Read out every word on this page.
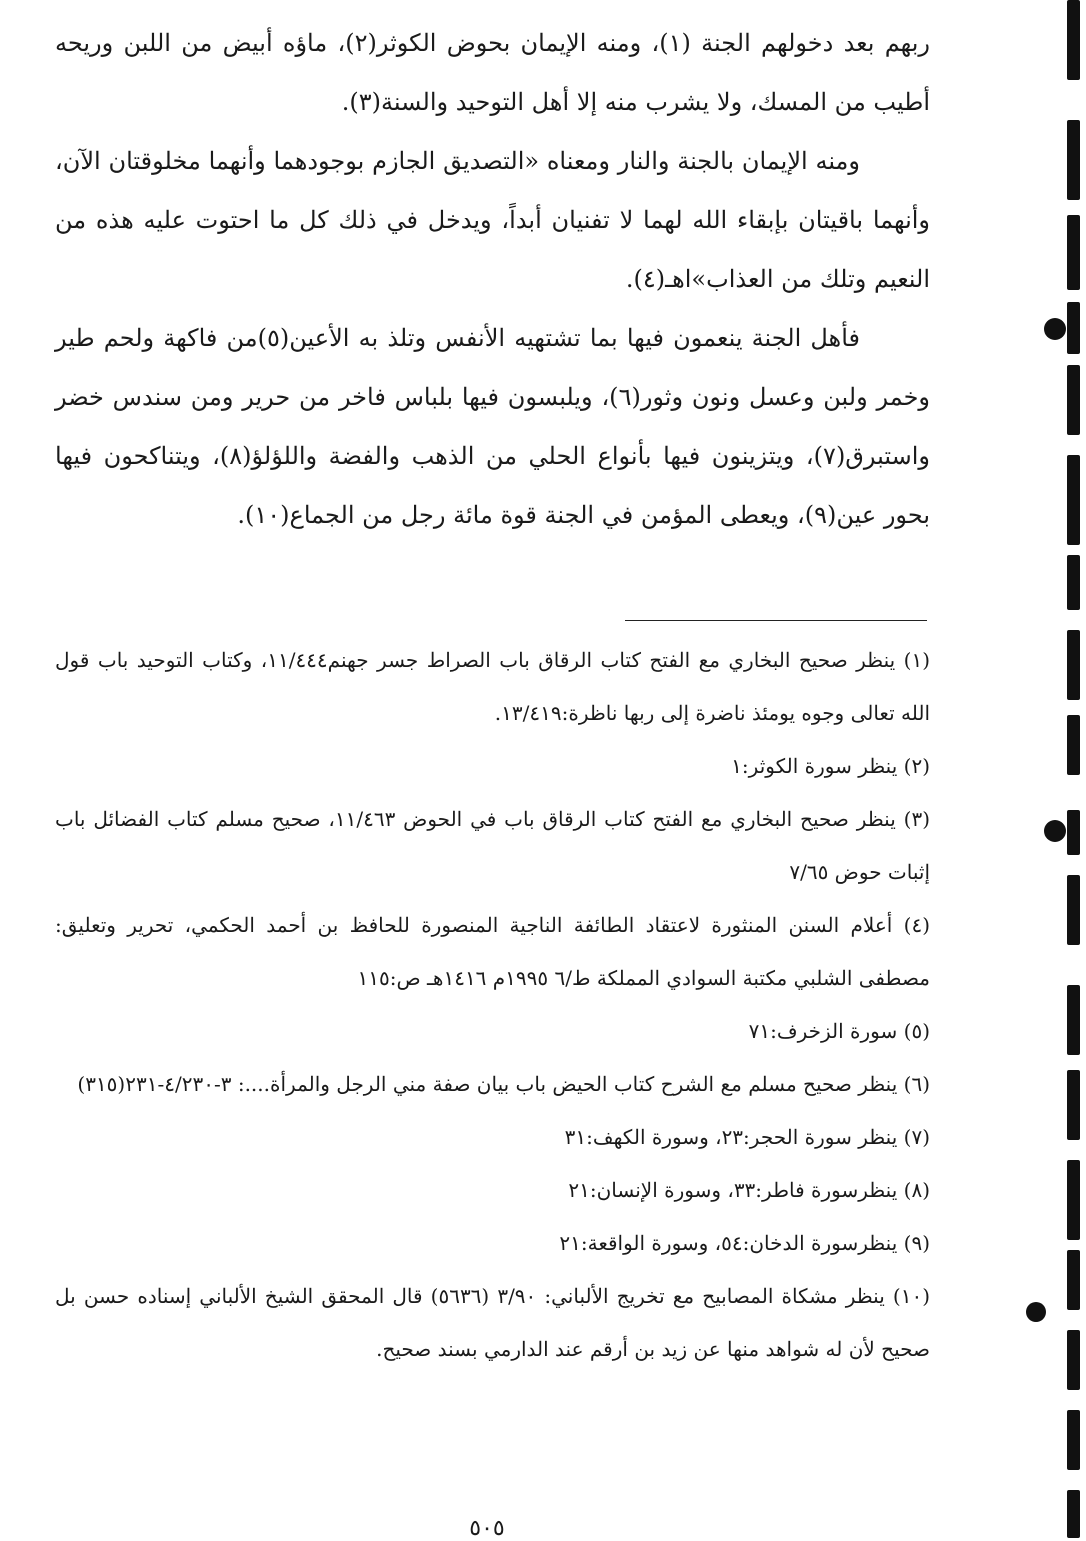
ربهم بعد دخولهم الجنة (١)، ومنه الإيمان بحوض الكوثر(٢)، ماؤه أبيض من اللبن وريحه أطيب من المسك، ولا يشرب منه إلا أهل التوحيد والسنة(٣).

ومنه الإيمان بالجنة والنار ومعناه «التصديق الجازم بوجودهما وأنهما مخلوقتان الآن، وأنهما باقيتان بإبقاء الله لهما لا تفنيان أبداً، ويدخل في ذلك كل ما احتوت عليه هذه من النعيم وتلك من العذاب»اهـ(٤).

فأهل الجنة ينعمون فيها بما تشتهيه الأنفس وتلذ به الأعين(٥)من فاكهة ولحم طير وخمر ولبن وعسل ونون وثور(٦)، ويلبسون فيها بلباس فاخر من حرير ومن سندس خضر واستبرق(٧)، ويتزينون فيها بأنواع الحلي من الذهب والفضة واللؤلؤ(٨)، ويتناكحون فيها بحور عين(٩)، ويعطى المؤمن في الجنة قوة مائة رجل من الجماع(١٠).

(١) ينظر صحيح البخاري مع الفتح كتاب الرقاق باب الصراط جسر جهنم١١/٤٤٤، وكتاب التوحيد باب قول الله تعالى وجوه يومئذ ناضرة إلى ربها ناظرة:١٣/٤١٩.

(٢) ينظر سورة الكوثر:١

(٣) ينظر صحيح البخاري مع الفتح كتاب الرقاق باب في الحوض ١١/٤٦٣، صحيح مسلم كتاب الفضائل باب إثبات حوض ٧/٦٥

(٤) أعلام السنن المنثورة لاعتقاد الطائفة الناجية المنصورة للحافظ بن أحمد الحكمي، تحرير وتعليق: مصطفى الشلبي مكتبة السوادي المملكة ط/٦ ١٩٩٥م ١٤١٦هـ ص:١١٥

(٥) سورة الزخرف:٧١

(٦) ينظر صحيح مسلم مع الشرح كتاب الحيض باب بيان صفة مني الرجل والمرأة....: ٣-٤/٢٣٠-٢٣١(٣١٥)

(٧) ينظر سورة الحجر:٢٣، وسورة الكهف:٣١

(٨) ينظرسورة فاطر:٣٣، وسورة الإنسان:٢١

(٩) ينظرسورة الدخان:٥٤، وسورة الواقعة:٢١

(١٠) ينظر مشكاة المصابيح مع تخريج الألباني: ٣/٩٠ (٥٦٣٦) قال المحقق الشيخ الألباني إسناده حسن بل صحيح لأن له شواهد منها عن زيد بن أرقم عند الدارمي بسند صحيح.

٥٠٥
